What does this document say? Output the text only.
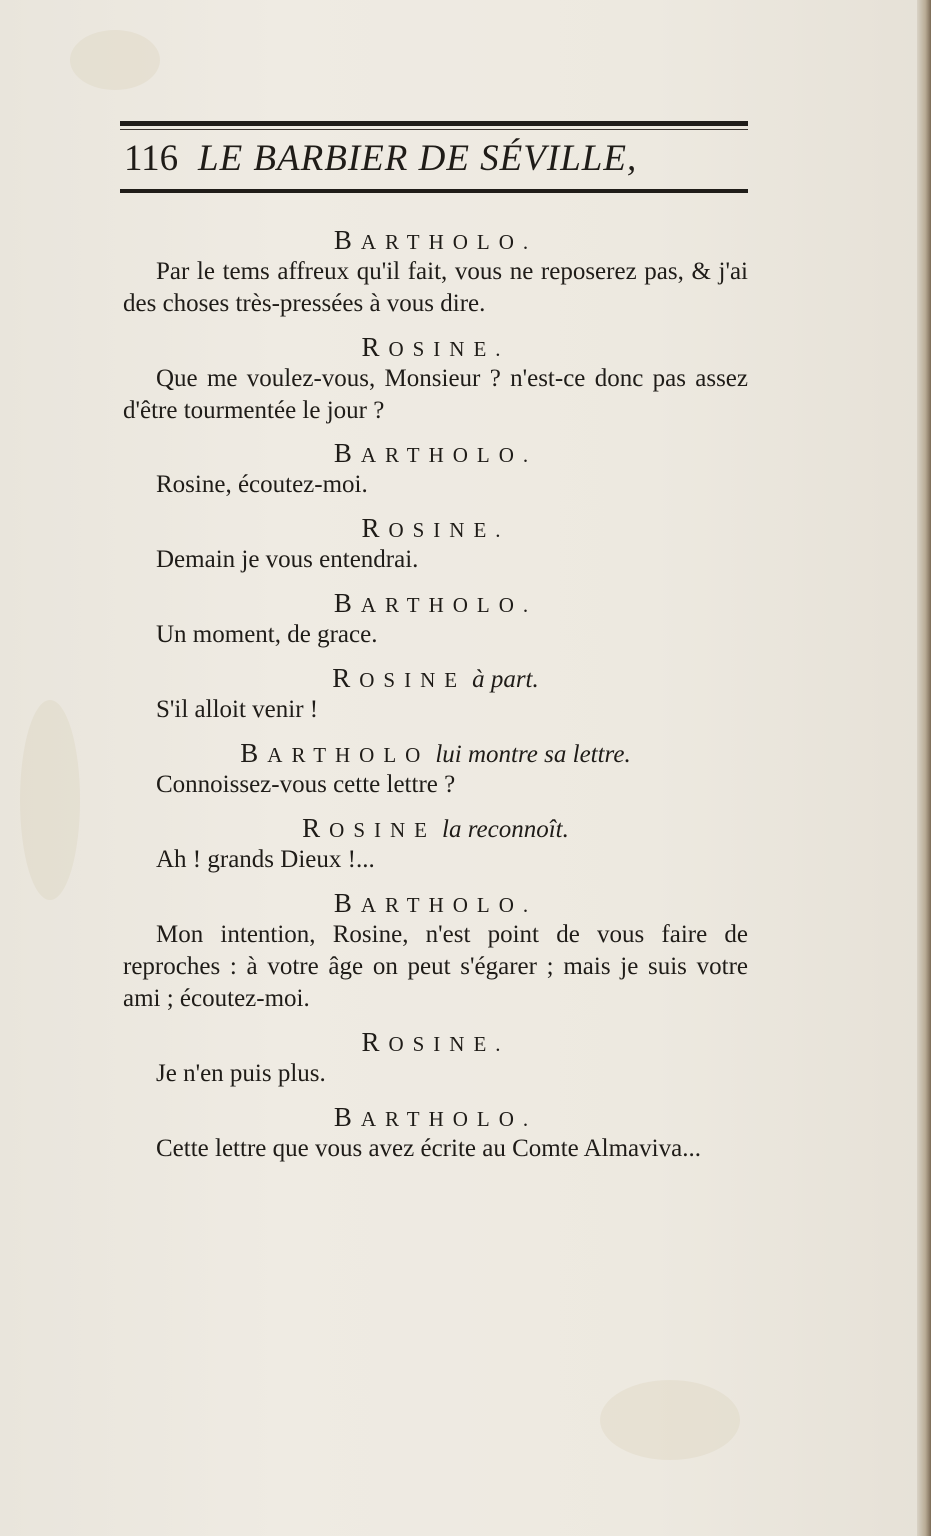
116 LE BARBIER DE SÉVILLE,

BARTHOLO.

Par le tems affreux qu'il fait, vous ne reposerez pas, & j'ai des choses très-pressées à vous dire.

ROSINE.

Que me voulez-vous, Monsieur ? n'est-ce donc pas assez d'être tourmentée le jour ?

BARTHOLO.

Rosine, écoutez-moi.

ROSINE.

Demain je vous entendrai.

BARTHOLO.

Un moment, de grace.

ROSINE à part.

S'il alloit venir !

BARTHOLO lui montre sa lettre.

Connoissez-vous cette lettre ?

ROSINE la reconnoît.

Ah ! grands Dieux !...

BARTHOLO.

Mon intention, Rosine, n'est point de vous faire de reproches : à votre âge on peut s'égarer ; mais je suis votre ami ; écoutez-moi.

ROSINE.

Je n'en puis plus.

BARTHOLO.

Cette lettre que vous avez écrite au Comte Almaviva...
